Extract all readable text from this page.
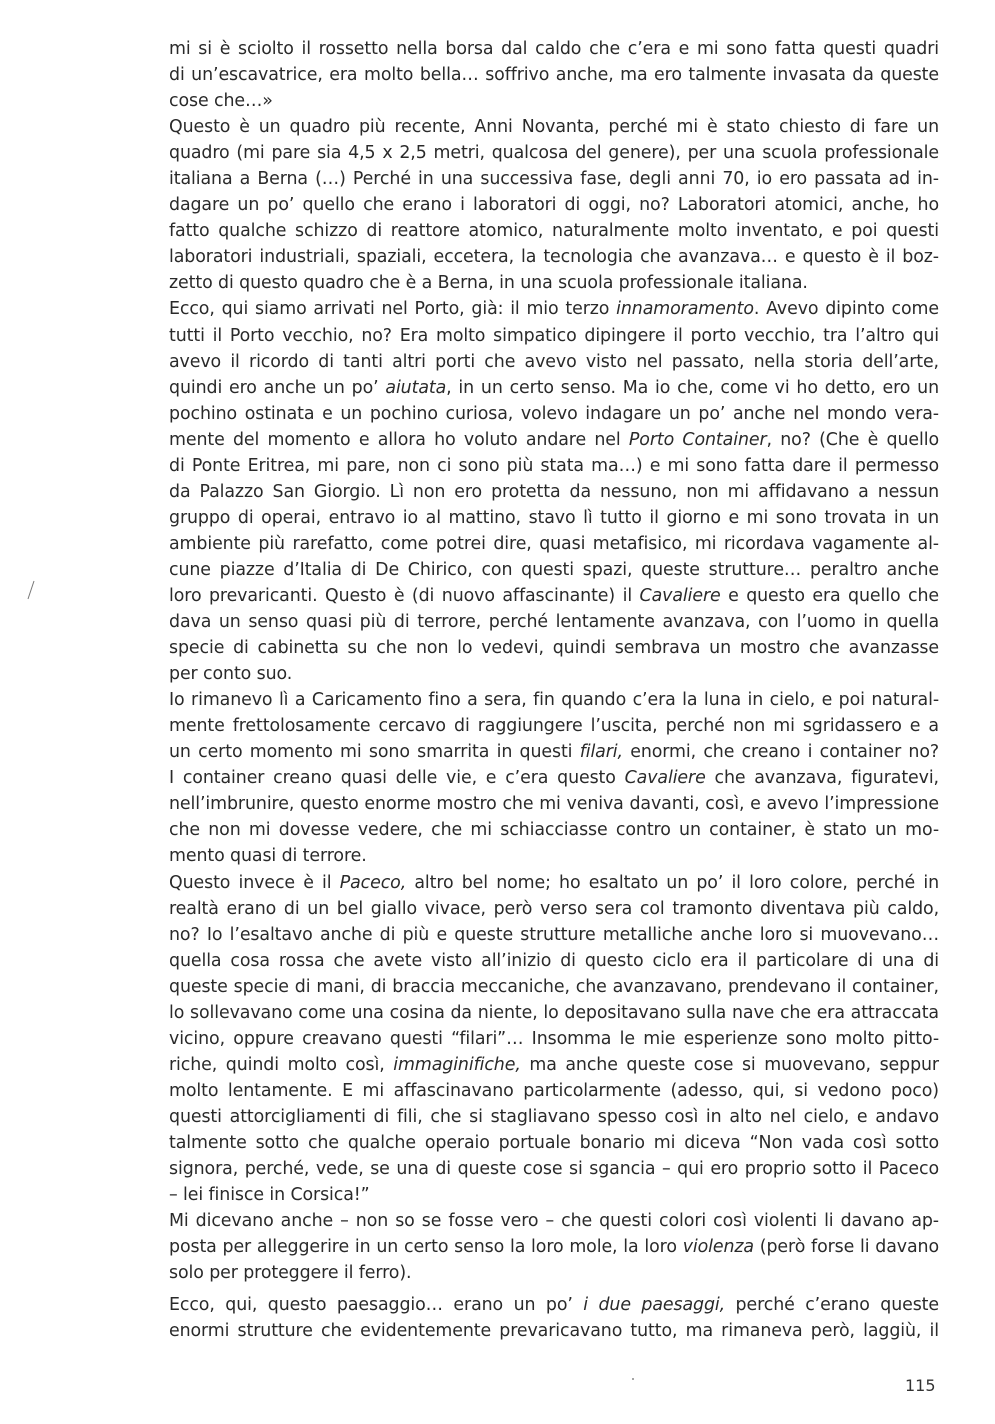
mi si è sciolto il rossetto nella borsa dal caldo che c’era e mi sono fatta questi quadri
di un’escavatrice, era molto bella… soffrivo anche, ma ero talmente invasata da queste
cose che…»
Questo è un quadro più recente, Anni Novanta, perché mi è stato chiesto di fare un
quadro (mi pare sia 4,5 x 2,5 metri, qualcosa del genere), per una scuola professionale
italiana a Berna (…) Perché in una successiva fase, degli anni 70, io ero passata ad in-
dagare un po’ quello che erano i laboratori di oggi, no? Laboratori atomici, anche, ho
fatto qualche schizzo di reattore atomico, naturalmente molto inventato, e poi questi
laboratori industriali, spaziali, eccetera, la tecnologia che avanzava… e questo è il boz-
zetto di questo quadro che è a Berna, in una scuola professionale italiana.
Ecco, qui siamo arrivati nel Porto, già: il mio terzo innamoramento. Avevo dipinto come
tutti il Porto vecchio, no? Era molto simpatico dipingere il porto vecchio, tra l’altro qui
avevo il ricordo di tanti altri porti che avevo visto nel passato, nella storia dell’arte,
quindi ero anche un po’ aiutata, in un certo senso. Ma io che, come vi ho detto, ero un
pochino ostinata e un pochino curiosa, volevo indagare un po’ anche nel mondo vera-
mente del momento e allora ho voluto andare nel Porto Container, no? (Che è quello
di Ponte Eritrea, mi pare, non ci sono più stata ma…) e mi sono fatta dare il permesso
da Palazzo San Giorgio. Lì non ero protetta da nessuno, non mi affidavano a nessun
gruppo di operai, entravo io al mattino, stavo lì tutto il giorno e mi sono trovata in un
ambiente più rarefatto, come potrei dire, quasi metafisico, mi ricordava vagamente al-
cune piazze d’Italia di De Chirico, con questi spazi, queste strutture… peraltro anche
loro prevaricanti. Questo è (di nuovo affascinante) il Cavaliere e questo era quello che
dava un senso quasi più di terrore, perché lentamente avanzava, con l’uomo in quella
specie di cabinetta su che non lo vedevi, quindi sembrava un mostro che avanzasse
per conto suo.
Io rimanevo lì a Caricamento fino a sera, fin quando c’era la luna in cielo, e poi natural-
mente frettolosamente cercavo di raggiungere l’uscita, perché non mi sgridassero e a
un certo momento mi sono smarrita in questi filari, enormi, che creano i container no?
I container creano quasi delle vie, e c’era questo Cavaliere che avanzava, figuratevi,
nell’imbrunire, questo enorme mostro che mi veniva davanti, così, e avevo l’impressione
che non mi dovesse vedere, che mi schiacciasse contro un container, è stato un mo-
mento quasi di terrore.
Questo invece è il Paceco, altro bel nome; ho esaltato un po’ il loro colore, perché in
realtà erano di un bel giallo vivace, però verso sera col tramonto diventava più caldo,
no? Io l’esaltavo anche di più e queste strutture metalliche anche loro si muovevano…
quella cosa rossa che avete visto all’inizio di questo ciclo era il particolare di una di
queste specie di mani, di braccia meccaniche, che avanzavano, prendevano il container,
lo sollevavano come una cosina da niente, lo depositavano sulla nave che era attraccata
vicino, oppure creavano questi “filari”… Insomma le mie esperienze sono molto pitto-
riche, quindi molto così, immaginifiche, ma anche queste cose si muovevano, seppur
molto lentamente. E mi affascinavano particolarmente (adesso, qui, si vedono poco)
questi attorcigliamenti di fili, che si stagliavano spesso così in alto nel cielo, e andavo
talmente sotto che qualche operaio portuale bonario mi diceva “Non vada così sotto
signora, perché, vede, se una di queste cose si sgancia – qui ero proprio sotto il Paceco
– lei finisce in Corsica!”
Mi dicevano anche – non so se fosse vero – che questi colori così violenti li davano ap-
posta per alleggerire in un certo senso la loro mole, la loro violenza (però forse li davano
solo per proteggere il ferro).
Ecco, qui, questo paesaggio… erano un po’ i due paesaggi, perché c’erano queste
enormi strutture che evidentemente prevaricavano tutto, ma rimaneva però, laggiù, il
115
